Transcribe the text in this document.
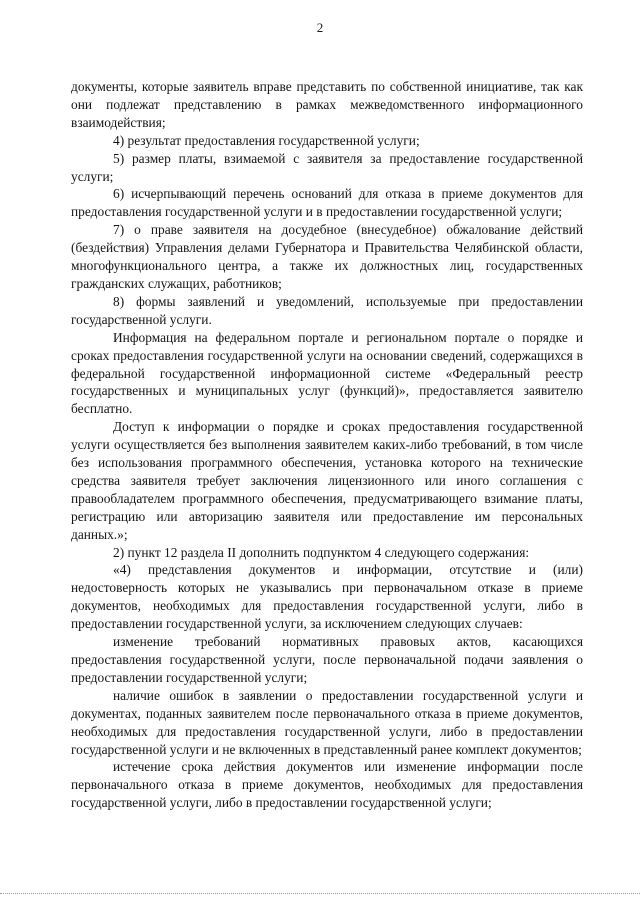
2

документы, которые заявитель вправе представить по собственной инициативе, так как они подлежат представлению в рамках межведомственного информационного взаимодействия;

4) результат предоставления государственной услуги;

5) размер платы, взимаемой с заявителя за предоставление государственной услуги;

6) исчерпывающий перечень оснований для отказа в приеме документов для предоставления государственной услуги и в предоставлении государственной услуги;

7) о праве заявителя на досудебное (внесудебное) обжалование действий (бездействия) Управления делами Губернатора и Правительства Челябинской области, многофункционального центра, а также их должностных лиц, государственных гражданских служащих, работников;

8) формы заявлений и уведомлений, используемые при предоставлении государственной услуги.

Информация на федеральном портале и региональном портале о порядке и сроках предоставления государственной услуги на основании сведений, содержащихся в федеральной государственной информационной системе «Федеральный реестр государственных и муниципальных услуг (функций)», предоставляется заявителю бесплатно.

Доступ к информации о порядке и сроках предоставления государственной услуги осуществляется без выполнения заявителем каких-либо требований, в том числе без использования программного обеспечения, установка которого на технические средства заявителя требует заключения лицензионного или иного соглашения с правообладателем программного обеспечения, предусматривающего взимание платы, регистрацию или авторизацию заявителя или предоставление им персональных данных.»;

2) пункт 12 раздела II дополнить подпунктом 4 следующего содержания:

«4) представления документов и информации, отсутствие и (или) недостоверность которых не указывались при первоначальном отказе в приеме документов, необходимых для предоставления государственной услуги, либо в предоставлении государственной услуги, за исключением следующих случаев:

изменение требований нормативных правовых актов, касающихся предоставления государственной услуги, после первоначальной подачи заявления о предоставлении государственной услуги;

наличие ошибок в заявлении о предоставлении государственной услуги и документах, поданных заявителем после первоначального отказа в приеме документов, необходимых для предоставления государственной услуги, либо в предоставлении государственной услуги и не включенных в представленный ранее комплект документов;

истечение срока действия документов или изменение информации после первоначального отказа в приеме документов, необходимых для предоставления государственной услуги, либо в предоставлении государственной услуги;
